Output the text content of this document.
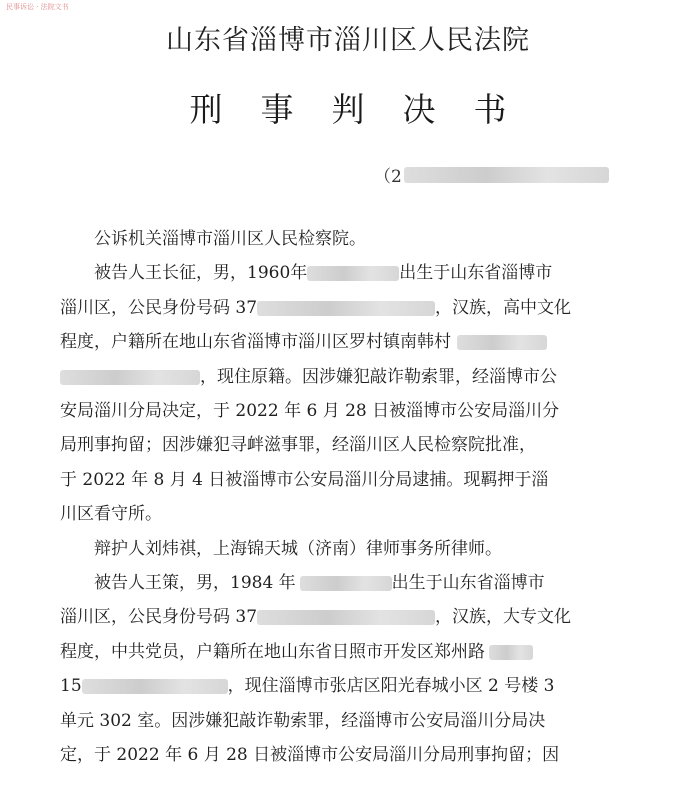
民事诉讼 · 法院文书
山东省淄博市淄川区人民法院
刑事判决书
（2
公诉机关淄博市淄川区人民检察院。
被告人王长征，男，1960年	出生于山东省淄博市
淄川区，公民身份号码 37	，汉族，高中文化
程度，户籍所在地山东省淄博市淄川区罗村镇南韩村
，现住原籍。因涉嫌犯敲诈勒索罪，经淄博市公
安局淄川分局决定，于 2022 年 6 月 28 日被淄博市公安局淄川分
局刑事拘留；因涉嫌犯寻衅滋事罪，经淄川区人民检察院批准，
于 2022 年 8 月 4 日被淄博市公安局淄川分局逮捕。现羁押于淄
川区看守所。
辩护人刘炜祺，上海锦天城（济南）律师事务所律师。
被告人王策，男，1984 年	出生于山东省淄博市
淄川区，公民身份号码 37	，汉族，大专文化
程度，中共党员，户籍所在地山东省日照市开发区郑州路
15	，现住淄博市张店区阳光春城小区 2 号楼 3
单元 302 室。因涉嫌犯敲诈勒索罪，经淄博市公安局淄川分局决
定，于 2022 年 6 月 28 日被淄博市公安局淄川分局刑事拘留；因
